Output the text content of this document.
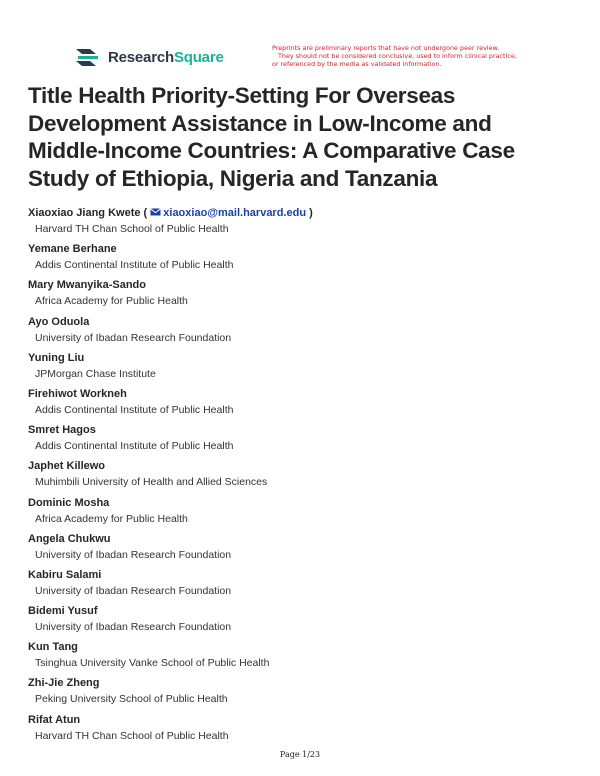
ResearchSquare
Preprints are preliminary reports that have not undergone peer review.
They should not be considered conclusive, used to inform clinical practice,
or referenced by the media as validated information.
Title Health Priority-Setting For Overseas Development Assistance in Low-Income and Middle-Income Countries: A Comparative Case Study of Ethiopia, Nigeria and Tanzania
Xiaoxiao Jiang Kwete ( xiaoxiao@mail.harvard.edu )
Harvard TH Chan School of Public Health
Yemane Berhane
Addis Continental Institute of Public Health
Mary Mwanyika-Sando
Africa Academy for Public Health
Ayo Oduola
University of Ibadan Research Foundation
Yuning Liu
JPMorgan Chase Institute
Firehiwot Workneh
Addis Continental Institute of Public Health
Smret Hagos
Addis Continental Institute of Public Health
Japhet Killewo
Muhimbili University of Health and Allied Sciences
Dominic Mosha
Africa Academy for Public Health
Angela Chukwu
University of Ibadan Research Foundation
Kabiru Salami
University of Ibadan Research Foundation
Bidemi Yusuf
University of Ibadan Research Foundation
Kun Tang
Tsinghua University Vanke School of Public Health
Zhi-Jie Zheng
Peking University School of Public Health
Rifat Atun
Harvard TH Chan School of Public Health
Page 1/23
